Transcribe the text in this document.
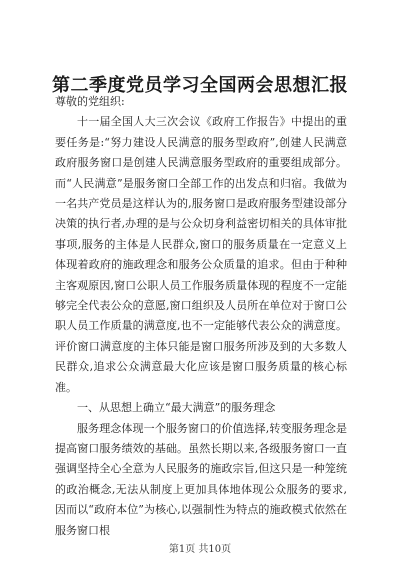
第二季度党员学习全国两会思想汇报

尊敬的党组织:

十一届全国人大三次会议《政府工作报告》中提出的重要任务是:“努力建设人民满意的服务型政府”,创建人民满意政府服务窗口是创建人民满意服务型政府的重要组成部分。而“人民满意”是服务窗口全部工作的出发点和归宿。我做为一名共产党员是这样认为的,服务窗口是政府服务型建设部分决策的执行者,办理的是与公众切身利益密切相关的具体审批事项,服务的主体是人民群众,窗口的服务质量在一定意义上体现着政府的施政理念和服务公众质量的追求。但由于种种主客观原因,窗口公职人员工作服务质量体现的程度不一定能够完全代表公众的意愿,窗口组织及人员所在单位对于窗口公职人员工作质量的满意度,也不一定能够代表公众的满意度。评价窗口满意度的主体只能是窗口服务所涉及到的大多数人民群众,追求公众满意最大化应该是窗口服务质量的核心标准。

一、从思想上确立“最大满意”的服务理念

服务理念体现一个服务窗口的价值选择,转变服务理念是提高窗口服务绩效的基础。虽然长期以来,各级服务窗口一直强调坚持全心全意为人民服务的施政宗旨,但这只是一种笼统的政治概念,无法从制度上更加具体地体现公众服务的要求,因而以“政府本位”为核心,以强制性为特点的施政模式依然在服务窗口根

第1页 共10页
